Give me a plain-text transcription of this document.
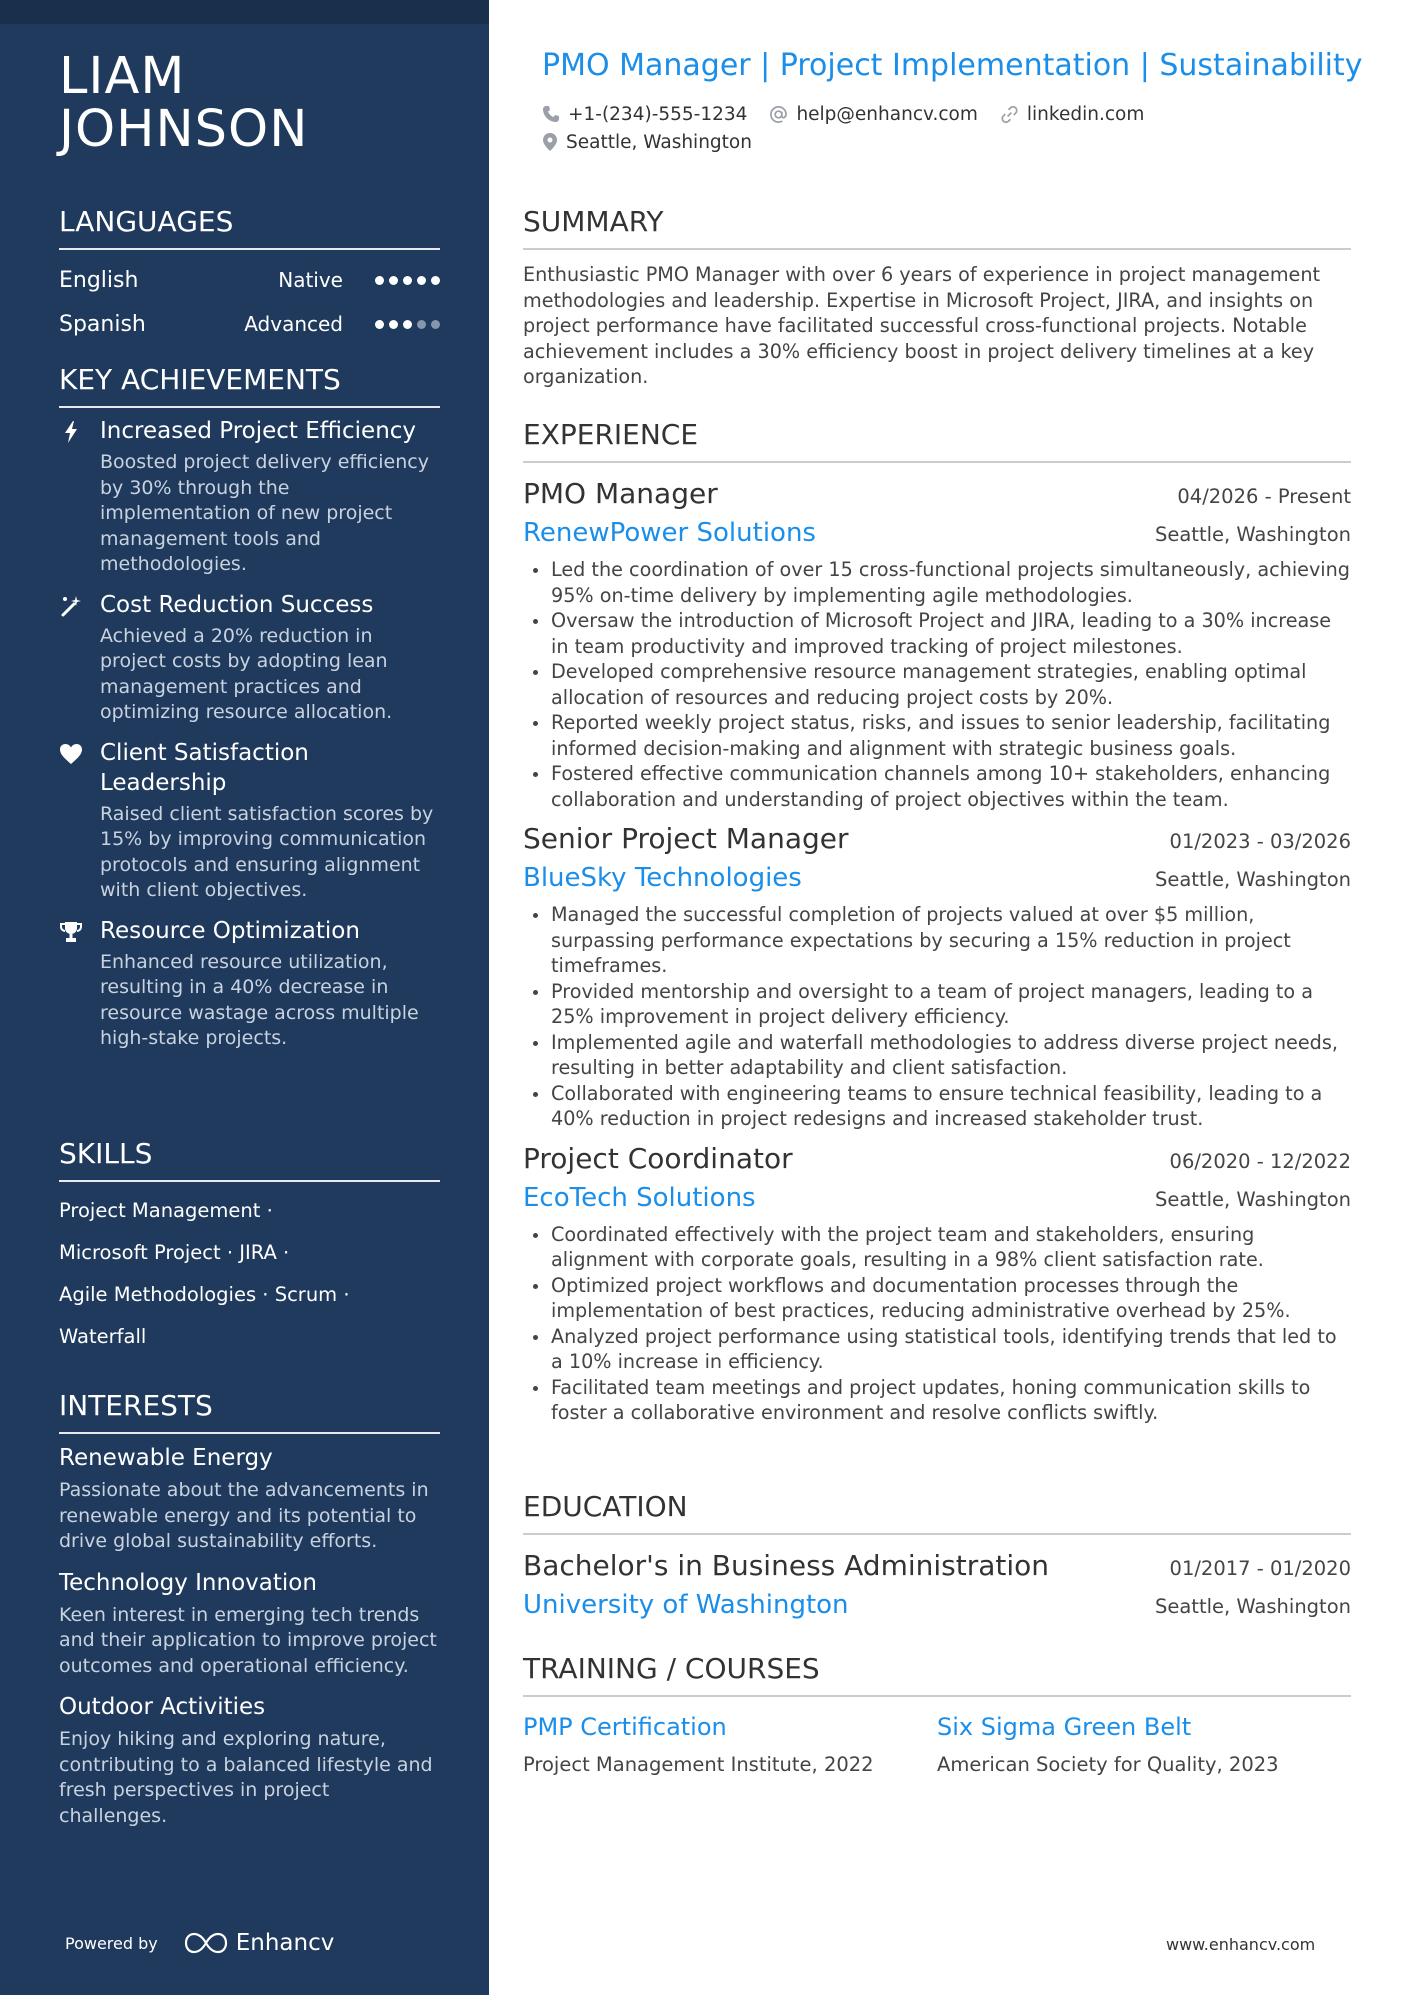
LIAM
JOHNSON
LANGUAGES
English	Native
Spanish	Advanced
KEY ACHIEVEMENTS
Increased Project Efficiency
Boosted project delivery efficiency by 30% through the implementation of new project management tools and methodologies.
Cost Reduction Success
Achieved a 20% reduction in project costs by adopting lean management practices and optimizing resource allocation.
Client Satisfaction Leadership
Raised client satisfaction scores by 15% by improving communication protocols and ensuring alignment with client objectives.
Resource Optimization
Enhanced resource utilization, resulting in a 40% decrease in resource wastage across multiple high-stake projects.
SKILLS
Project Management ·
Microsoft Project · JIRA ·
Agile Methodologies · Scrum ·
Waterfall
INTERESTS
Renewable Energy
Passionate about the advancements in renewable energy and its potential to drive global sustainability efforts.
Technology Innovation
Keen interest in emerging tech trends and their application to improve project outcomes and operational efficiency.
Outdoor Activities
Enjoy hiking and exploring nature, contributing to a balanced lifestyle and fresh perspectives in project challenges.
Powered by	Enhancv
PMO Manager | Project Implementation | Sustainability
+1-(234)-555-1234	help@enhancv.com	linkedin.com
Seattle, Washington
SUMMARY
Enthusiastic PMO Manager with over 6 years of experience in project management methodologies and leadership. Expertise in Microsoft Project, JIRA, and insights on project performance have facilitated successful cross-functional projects. Notable achievement includes a 30% efficiency boost in project delivery timelines at a key organization.
EXPERIENCE
PMO Manager	04/2026 - Present
RenewPower Solutions	Seattle, Washington
Led the coordination of over 15 cross-functional projects simultaneously, achieving 95% on-time delivery by implementing agile methodologies.
Oversaw the introduction of Microsoft Project and JIRA, leading to a 30% increase in team productivity and improved tracking of project milestones.
Developed comprehensive resource management strategies, enabling optimal allocation of resources and reducing project costs by 20%.
Reported weekly project status, risks, and issues to senior leadership, facilitating informed decision-making and alignment with strategic business goals.
Fostered effective communication channels among 10+ stakeholders, enhancing collaboration and understanding of project objectives within the team.
Senior Project Manager	01/2023 - 03/2026
BlueSky Technologies	Seattle, Washington
Managed the successful completion of projects valued at over $5 million, surpassing performance expectations by securing a 15% reduction in project timeframes.
Provided mentorship and oversight to a team of project managers, leading to a 25% improvement in project delivery efficiency.
Implemented agile and waterfall methodologies to address diverse project needs, resulting in better adaptability and client satisfaction.
Collaborated with engineering teams to ensure technical feasibility, leading to a 40% reduction in project redesigns and increased stakeholder trust.
Project Coordinator	06/2020 - 12/2022
EcoTech Solutions	Seattle, Washington
Coordinated effectively with the project team and stakeholders, ensuring alignment with corporate goals, resulting in a 98% client satisfaction rate.
Optimized project workflows and documentation processes through the implementation of best practices, reducing administrative overhead by 25%.
Analyzed project performance using statistical tools, identifying trends that led to a 10% increase in efficiency.
Facilitated team meetings and project updates, honing communication skills to foster a collaborative environment and resolve conflicts swiftly.
EDUCATION
Bachelor's in Business Administration	01/2017 - 01/2020
University of Washington	Seattle, Washington
TRAINING / COURSES
PMP Certification
Project Management Institute, 2022
Six Sigma Green Belt
American Society for Quality, 2023
www.enhancv.com
